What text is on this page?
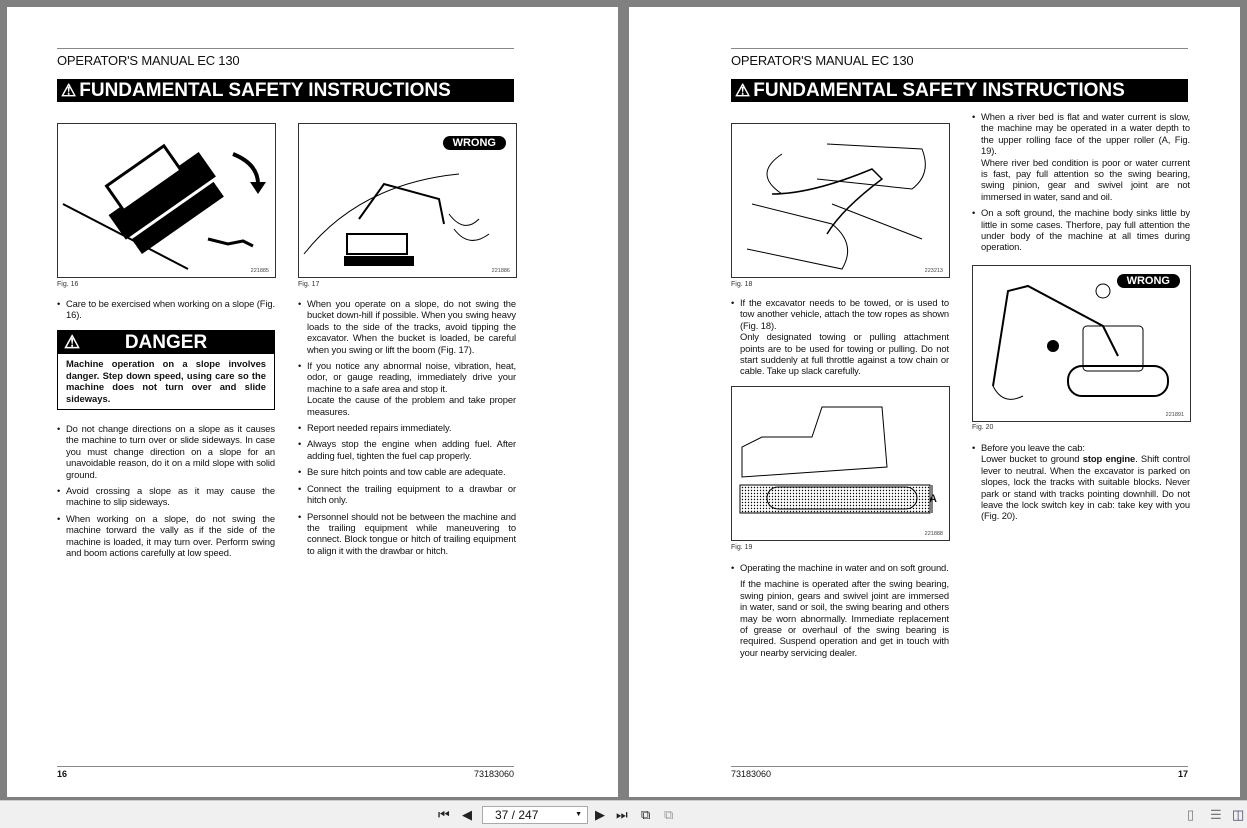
OPERATOR'S MANUAL EC 130
⚠ FUNDAMENTAL SAFETY INSTRUCTIONS
221885
Fig. 16
WRONG
221886
Fig. 17

• Care to be exercised when working on a slope (Fig. 16).

⚠ DANGER
Machine operation on a slope involves danger. Step down speed, using care so the machine does not turn over and slide sideways.

• Do not change directions on a slope as it causes the machine to turn over or slide sideways. In case you must change direction on a slope for an unavoidable reason, do it on a mild slope with solid ground.

• Avoid crossing a slope as it may cause the machine to slip sideways.

• When working on a slope, do not swing the machine torward the vally as if the side of the machine is loaded, it may turn over. Perform swing and boom actions carefully at low speed.

• When you operate on a slope, do not swing the bucket down-hill if possible. When you swing heavy loads to the side of the tracks, avoid tipping the excavator. When the bucket is loaded, be careful when you swing or lift the boom (Fig. 17).

• If you notice any abnormal noise, vibration, heat, odor, or gauge reading, immediately drive your machine to a safe area and stop it.
Locate the cause of the problem and take proper measures.

• Report needed repairs immediately.

• Always stop the engine when adding fuel. After adding fuel, tighten the fuel cap properly.

• Be sure hitch points and tow cable are adequate.

• Connect the trailing equipment to a drawbar or hitch only.

• Personnel should not be between the machine and the trailing equipment while maneuvering to connect. Block tongue or hitch of trailing equipment to align it with the drawbar or hitch.

16	73183060
OPERATOR'S MANUAL EC 130
⚠ FUNDAMENTAL SAFETY INSTRUCTIONS
223213
Fig. 18

• If the excavator needs to be towed, or is used to tow another vehicle, attach the tow ropes as shown (Fig. 18).
Only designated towing or pulling attachment points are to be used for towing or pulling. Do not start suddenly at full throttle against a tow chain or cable. Take up slack carefully.

A
221888
Fig. 19

• Operating the machine in water and on soft ground.

If the machine is operated after the swing bearing, swing pinion, gears and swivel joint are immersed in water, sand or soil, the swing bearing and others may be worn abnormally. Immediate replacement of grease or overhaul of the swing bearing is required. Suspend operation and get in touch with your nearby servicing dealer.

• When a river bed is flat and water current is slow, the machine may be operated in a water depth to the upper rolling face of the upper roller (A, Fig. 19).
Where river bed condition is poor or water current is fast, pay full attention so the swing bearing, swing pinion, gear and swivel joint are not immersed in water, sand and oil.

• On a soft ground, the machine body sinks little by little in some cases. Therfore, pay full attention the under body of the machine at all times during operation.

WRONG
221891
Fig. 20

• Before you leave the cab:
Lower bucket to ground stop engine. Shift control lever to neutral. When the excavator is parked on slopes, lock the tracks with suitable blocks. Never park or stand with tracks pointing downhill. Do not leave the lock switch key in cab: take key with you (Fig. 20).

73183060	17
⏮ ◀	37 / 247	▼ ▶ ⏭ ⧉ ⧉	▯ ☰ ◫
